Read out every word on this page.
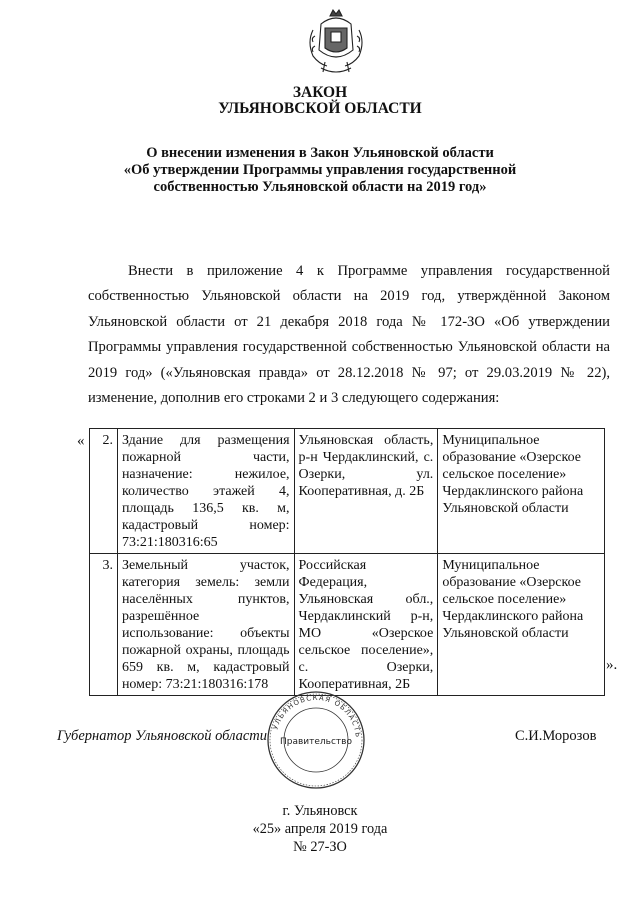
ЗАКОН
УЛЬЯНОВСКОЙ ОБЛАСТИ
О внесении изменения в Закон Ульяновской области
«Об утверждении Программы управления государственной
собственностью Ульяновской области на 2019 год»

Внести в приложение 4 к Программе управления государственной собственностью Ульяновской области на 2019 год, утверждённой Законом Ульяновской области от 21 декабря 2018 года № 172-ЗО «Об утверждении Программы управления государственной собственностью Ульяновской области на 2019 год» («Ульяновская правда» от 28.12.2018 № 97; от 29.03.2019 № 22), изменение, дополнив его строками 2 и 3 следующего содержания:

« 2.	Здание для размещения пожарной части, назначение: нежилое, количество этажей 4, площадь 136,5 кв. м, кадастровый номер: 73:21:180316:65	Ульяновская область, р-н Чердаклинский, с. Озерки, ул. Кооперативная, д. 2Б	Муниципальное образование «Озерское сельское поселение» Чердаклинского района Ульяновской области
3.	Земельный участок, категория земель: земли населённых пунктов, разрешённое использование: объекты пожарной охраны, площадь 659 кв. м, кадастровый номер: 73:21:180316:178	Российская Федерация, Ульяновская обл., Чердаклинский р-н, МО «Озерское сельское поселение», с. Озерки, Кооперативная, 2Б	Муниципальное образование «Озерское сельское поселение» Чердаклинского района Ульяновской области
».
Губернатор Ульяновской области	С.И.Морозов
УЛЬЯНОВСКАЯ ОБЛАСТЬ
Правительство
г. Ульяновск
«25» апреля 2019 года
№ 27-ЗО
